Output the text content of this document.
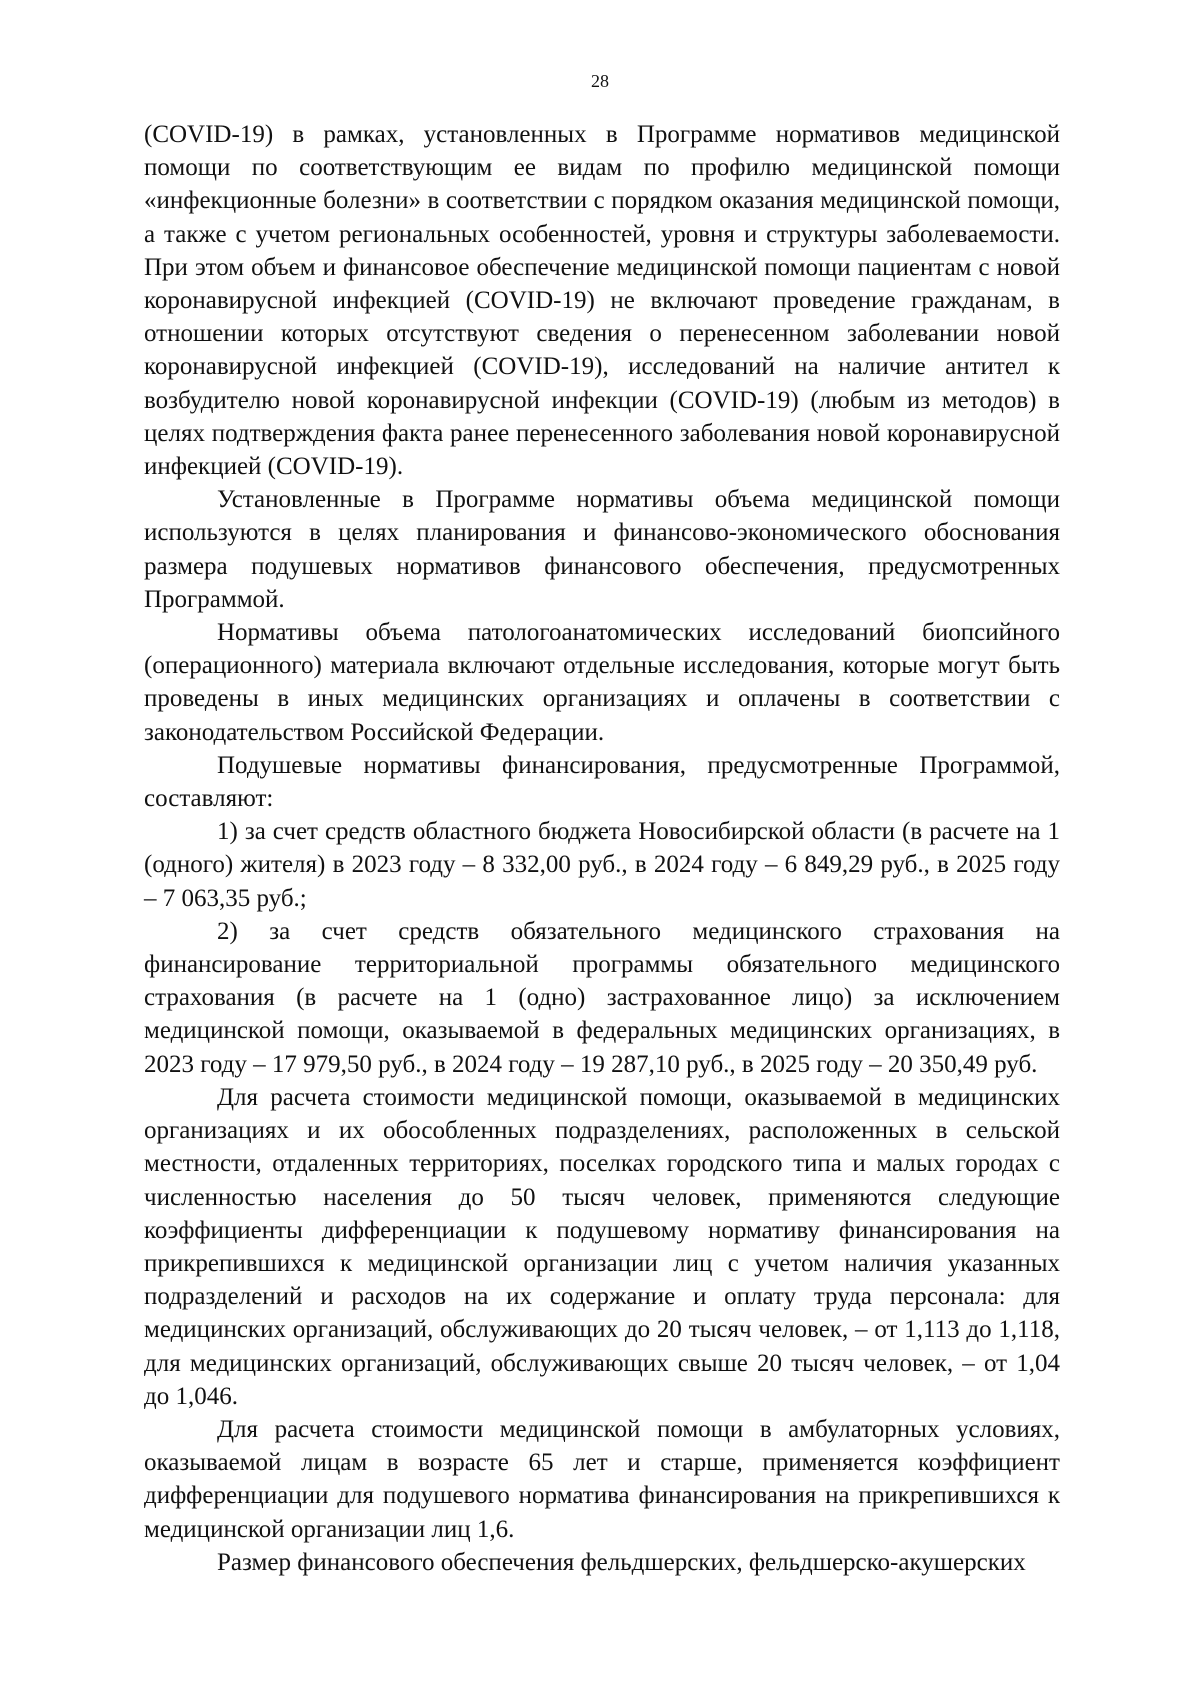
28

(COVID-19) в рамках, установленных в Программе нормативов медицинской помощи по соответствующим ее видам по профилю медицинской помощи «инфекционные болезни» в соответствии с порядком оказания медицинской помощи, а также с учетом региональных особенностей, уровня и структуры заболеваемости. При этом объем и финансовое обеспечение медицинской помощи пациентам с новой коронавирусной инфекцией (COVID-19) не включают проведение гражданам, в отношении которых отсутствуют сведения о перенесенном заболевании новой коронавирусной инфекцией (COVID-19), исследований на наличие антител к возбудителю новой коронавирусной инфекции (COVID-19) (любым из методов) в целях подтверждения факта ранее перенесенного заболевания новой коронавирусной инфекцией (COVID-19).

Установленные в Программе нормативы объема медицинской помощи используются в целях планирования и финансово-экономического обоснования размера подушевых нормативов финансового обеспечения, предусмотренных Программой.

Нормативы объема патологоанатомических исследований биопсийного (операционного) материала включают отдельные исследования, которые могут быть проведены в иных медицинских организациях и оплачены в соответствии с законодательством Российской Федерации.

Подушевые нормативы финансирования, предусмотренные Программой, составляют:

1) за счет средств областного бюджета Новосибирской области (в расчете на 1 (одного) жителя) в 2023 году – 8 332,00 руб., в 2024 году – 6 849,29 руб., в 2025 году – 7 063,35 руб.;

2) за счет средств обязательного медицинского страхования на финансирование территориальной программы обязательного медицинского страхования (в расчете на 1 (одно) застрахованное лицо) за исключением медицинской помощи, оказываемой в федеральных медицинских организациях, в 2023 году – 17 979,50 руб., в 2024 году – 19 287,10 руб., в 2025 году – 20 350,49 руб.

Для расчета стоимости медицинской помощи, оказываемой в медицинских организациях и их обособленных подразделениях, расположенных в сельской местности, отдаленных территориях, поселках городского типа и малых городах с численностью населения до 50 тысяч человек, применяются следующие коэффициенты дифференциации к подушевому нормативу финансирования на прикрепившихся к медицинской организации лиц с учетом наличия указанных подразделений и расходов на их содержание и оплату труда персонала: для медицинских организаций, обслуживающих до 20 тысяч человек, – от 1,113 до 1,118, для медицинских организаций, обслуживающих свыше 20 тысяч человек, – от 1,04 до 1,046.

Для расчета стоимости медицинской помощи в амбулаторных условиях, оказываемой лицам в возрасте 65 лет и старше, применяется коэффициент дифференциации для подушевого норматива финансирования на прикрепившихся к медицинской организации лиц 1,6.

Размер финансового обеспечения фельдшерских, фельдшерско-акушерских
